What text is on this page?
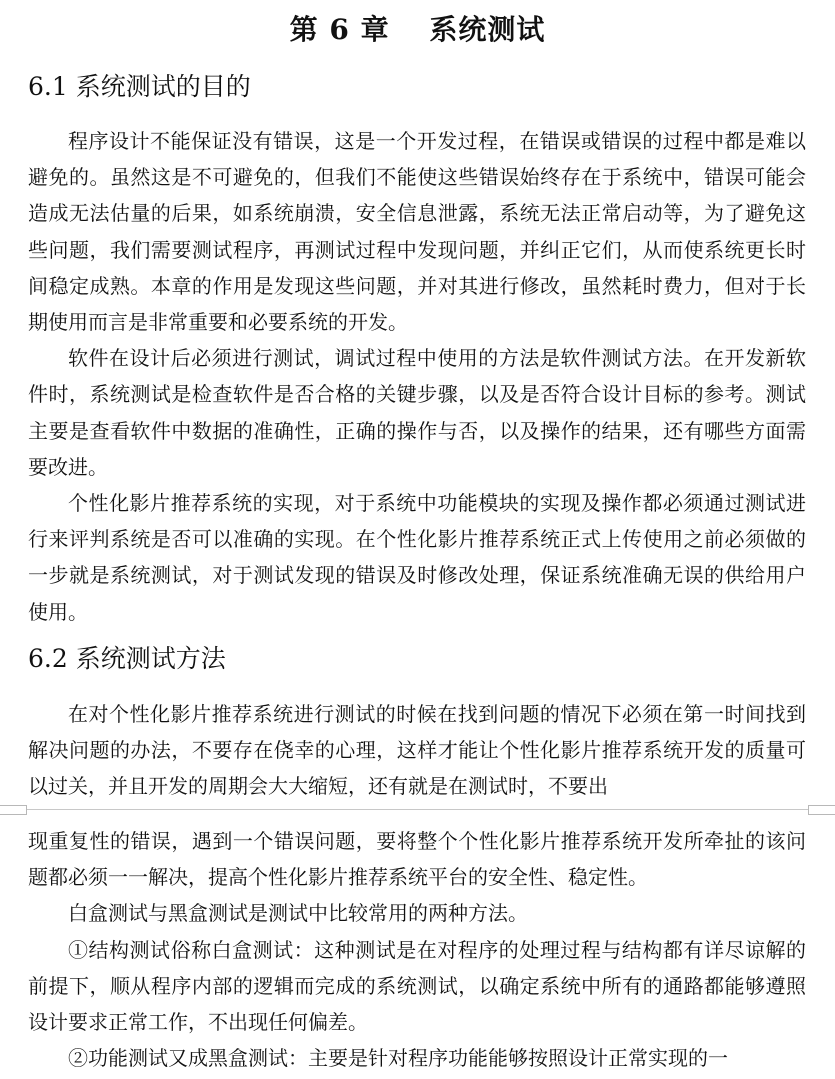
第 6 章　 系统测试
6.1 系统测试的目的

程序设计不能保证没有错误，这是一个开发过程，在错误或错误的过程中都是难以避免的。虽然这是不可避免的，但我们不能使这些错误始终存在于系统中，错误可能会造成无法估量的后果，如系统崩溃，安全信息泄露，系统无法正常启动等，为了避免这些问题，我们需要测试程序，再测试过程中发现问题，并纠正它们，从而使系统更长时间稳定成熟。本章的作用是发现这些问题，并对其进行修改，虽然耗时费力，但对于长期使用而言是非常重要和必要系统的开发。

软件在设计后必须进行测试，调试过程中使用的方法是软件测试方法。在开发新软件时，系统测试是检查软件是否合格的关键步骤，以及是否符合设计目标的参考。测试主要是查看软件中数据的准确性，正确的操作与否，以及操作的结果，还有哪些方面需要改进。

个性化影片推荐系统的实现，对于系统中功能模块的实现及操作都必须通过测试进行来评判系统是否可以准确的实现。在个性化影片推荐系统正式上传使用之前必须做的一步就是系统测试，对于测试发现的错误及时修改处理，保证系统准确无误的供给用户使用。

6.2 系统测试方法

在对个性化影片推荐系统进行测试的时候在找到问题的情况下必须在第一时间找到解决问题的办法，不要存在侥幸的心理，这样才能让个性化影片推荐系统开发的质量可以过关，并且开发的周期会大大缩短，还有就是在测试时，不要出

现重复性的错误，遇到一个错误问题，要将整个个性化影片推荐系统开发所牵扯的该问题都必须一一解决，提高个性化影片推荐系统平台的安全性、稳定性。

白盒测试与黑盒测试是测试中比较常用的两种方法。

①结构测试俗称白盒测试：这种测试是在对程序的处理过程与结构都有详尽谅解的前提下，顺从程序内部的逻辑而完成的系统测试，以确定系统中所有的通路都能够遵照设计要求正常工作，不出现任何偏差。

②功能测试又成黑盒测试：主要是针对程序功能能够按照设计正常实现的一
